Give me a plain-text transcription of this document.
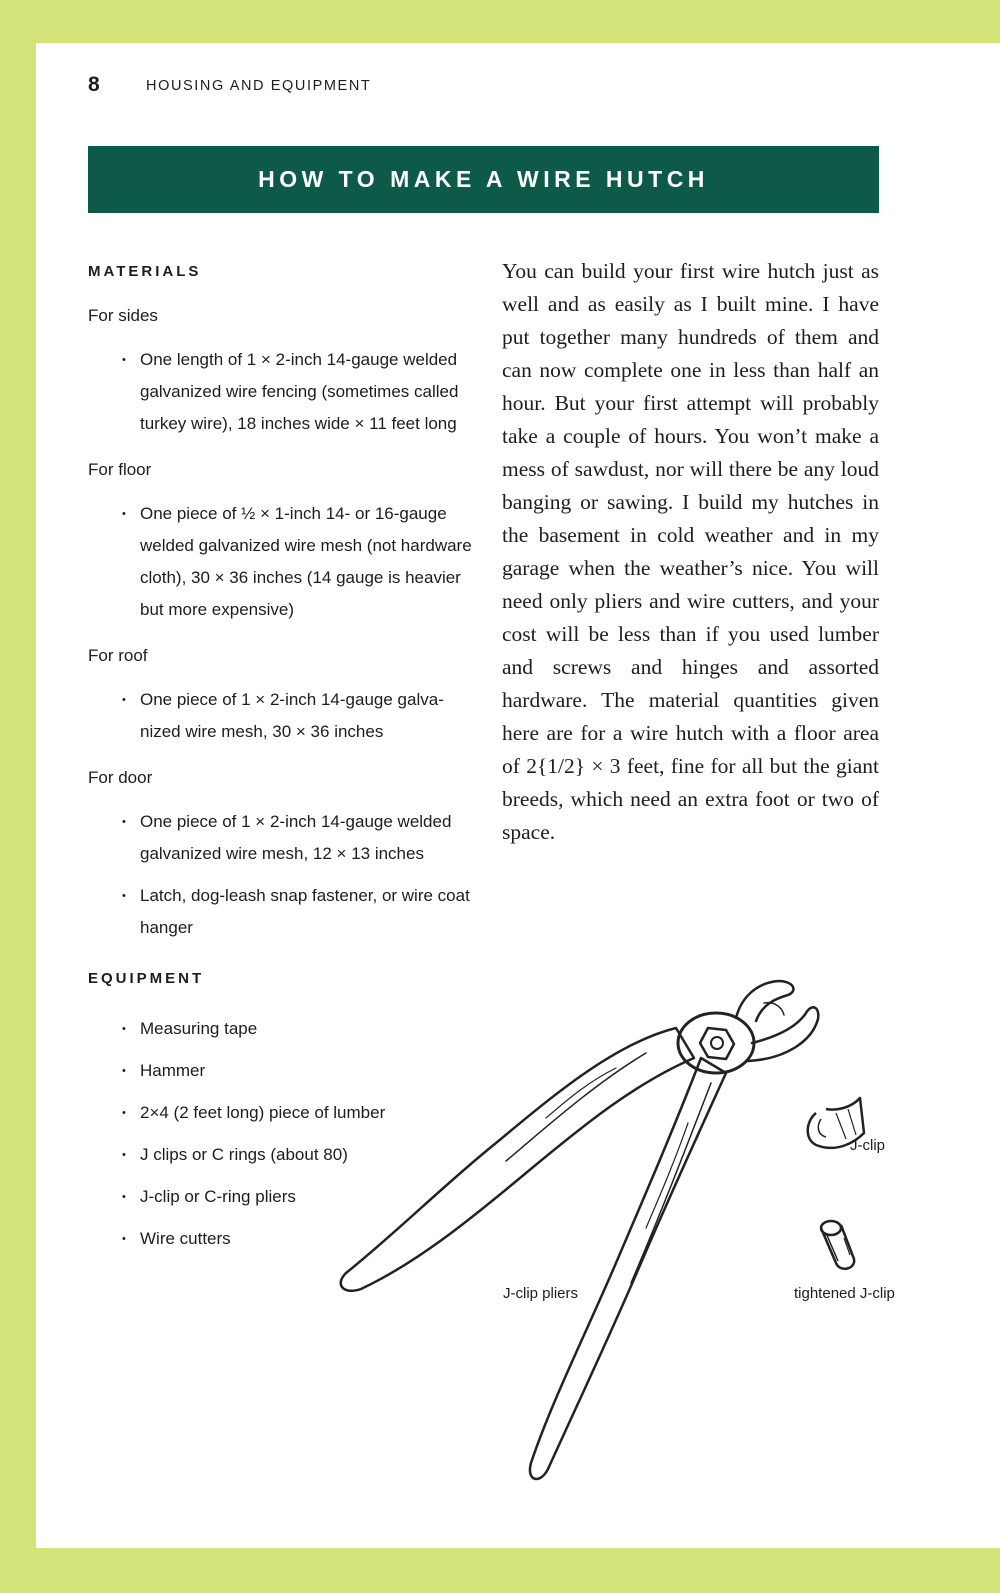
8	HOUSING AND EQUIPMENT
HOW TO MAKE A WIRE HUTCH
MATERIALS
For sides
• One length of 1 × 2-inch 14-gauge welded galvanized wire fencing (sometimes called turkey wire), 18 inches wide × 11 feet long
For floor
• One piece of ½ × 1-inch 14- or 16-gauge welded galvanized wire mesh (not hardware cloth), 30 × 36 inches (14 gauge is heavier but more expensive)
For roof
• One piece of 1 × 2-inch 14-gauge galvanized wire mesh, 30 × 36 inches
For door
• One piece of 1 × 2-inch 14-gauge welded galvanized wire mesh, 12 × 13 inches
• Latch, dog-leash snap fastener, or wire coat hanger
EQUIPMENT
• Measuring tape
• Hammer
• 2×4 (2 feet long) piece of lumber
• J clips or C rings (about 80)
• J-clip or C-ring pliers
• Wire cutters

You can build your first wire hutch just as well and as easily as I built mine. I have put together many hundreds of them and can now complete one in less than half an hour. But your first attempt will probably take a couple of hours. You won’t make a mess of sawdust, nor will there be any loud banging or sawing. I build my hutches in the basement in cold weather and in my garage when the weather’s nice. You will need only pliers and wire cutters, and your cost will be less than if you used lumber and screws and hinges and assorted hardware. The material quantities given here are for a wire hutch with a floor area of 2{1/2} × 3 feet, fine for all but the giant breeds, which need an extra foot or two of space.

J-clip pliers
J-clip
tightened J-clip
